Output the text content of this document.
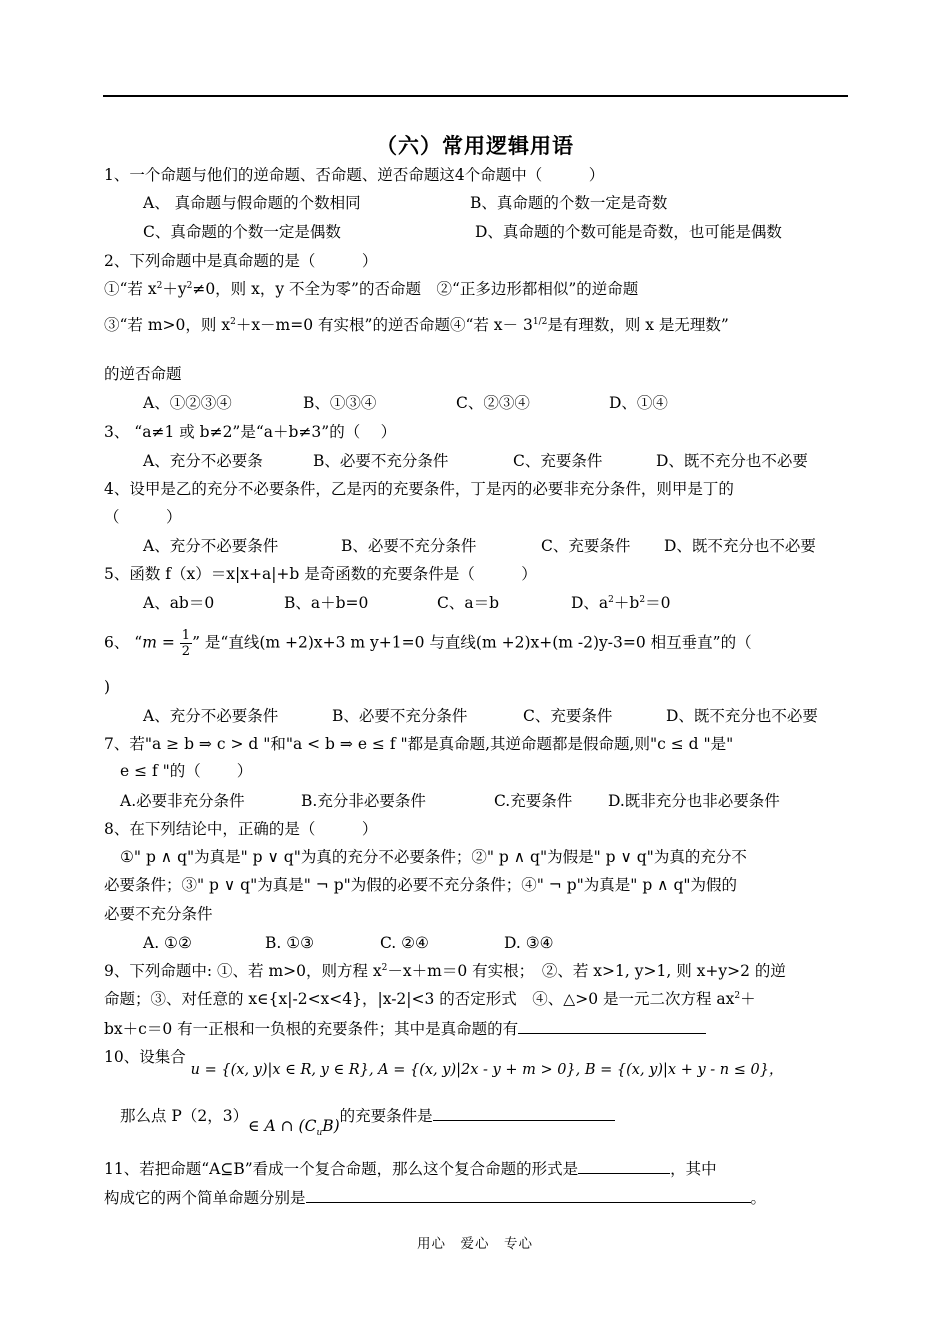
（六）常用逻辑用语
1、一个命题与他们的逆命题、否命题、逆否命题这4个命题中（　　　）
A、 真命题与假命题的个数相同	B、真命题的个数一定是奇数
C、真命题的个数一定是偶数	D、真命题的个数可能是奇数，也可能是偶数
2、下列命题中是真命题的是（　　　）
①“若 $x^2+y^2\ne 0$，则 x，y 不全为零”的否命题　②“正多边形都相似”的逆命题
③“若 m>0，则 $x^2+x-m=0$ 有实根”的逆否命题④“若 $x- 3^{1/2}$是有理数，则 x 是无理数”
的逆否命题
A、①②③④	B、①③④	C、②③④	D、①④
3、 “a≠1 或 b≠2”是“a＋b≠3”的（　 ）
A、充分不必要条	B、必要不充分条件	C、充要条件	D、既不充分也不必要
4、设甲是乙的充分不必要条件，乙是丙的充要条件，丁是丙的必要非充分条件，则甲是丁的
（　　　）
A、充分不必要条件	B、必要不充分条件	C、充要条件 D、既不充分也不必要
5、函数 f（x）＝x|x+a|+b 是奇函数的充要条件是（　　　）
A、ab＝0	B、a＋b=0	C、a＝b	D、$a^2+b^2=0$
6、 “$m = \frac{1}{2}$ ” 是“直线(m +2)x+3 m y+1=0 与直线(m +2)x+(m -2)y-3=0 相互垂直”的（
)
A、充分不必要条件	B、必要不充分条件	C、充要条件	D、既不充分也不必要
7、若"a ≥ b ⇒ c > d "和"a < b ⇒ e ≤ f "都是真命题,其逆命题都是假命题,则"c ≤ d "是"
e ≤ f "的（　　 ）
A.必要非充分条件	B.充分非必要条件	C.充要条件 D.既非充分也非必要条件
8、在下列结论中，正确的是（　　　）
①" p ∧ q"为真是" p ∨ q"为真的充分不必要条件；②" p ∧ q"为假是" p ∨ q"为真的充分不
必要条件；③" p ∨ q"为真是" ¬ p"为假的必要不充分条件；④" ¬ p"为真是" p ∧ q"为假的
必要不充分条件
A. ①②	B. ①③	C. ②④	D. ③④
9、下列命题中: ①、若 m>0，则方程 $x^2-x+m=0$ 有实根；　②、若 x>1, y>1, 则 x+y>2 的逆
命题；③、对任意的 x∈{x|-2<x<4}，|x-2|<3 的否定形式　④、△>0 是一元二次方程 $ax^2+$
bx＋c＝0 有一正根和一负根的充要条件；其中是真命题的有
10、设集合 u = {(x, y)|x ∈ R, y ∈ R}, A = {(x, y)|2x - y + m > 0}, B = {(x, y)|x + y - n ≤ 0}，
那么点 P（2，3）∈ A ∩ $(C_uB)$的充要条件是
11、若把命题“A⊆B”看成一个复合命题，那么这个复合命题的形式是	，其中
构成它的两个简单命题分别是	。
用心　爱心　专心
